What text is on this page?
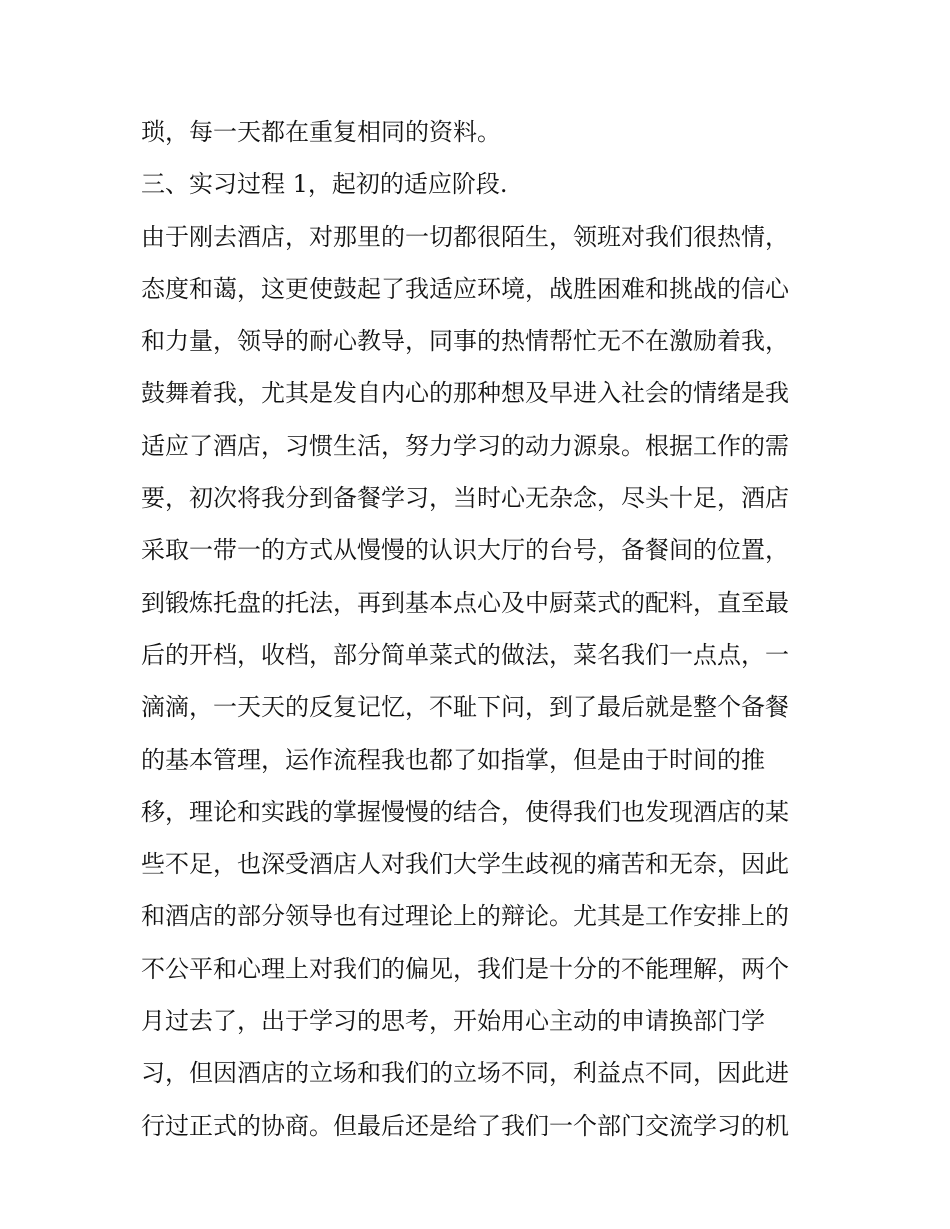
琐，每一天都在重复相同的资料。
三、实习过程 1，起初的适应阶段.
由于刚去酒店，对那里的一切都很陌生，领班对我们很热情，
态度和蔼，这更使鼓起了我适应环境，战胜困难和挑战的信心
和力量，领导的耐心教导，同事的热情帮忙无不在激励着我，
鼓舞着我，尤其是发自内心的那种想及早进入社会的情绪是我
适应了酒店，习惯生活，努力学习的动力源泉。根据工作的需
要，初次将我分到备餐学习，当时心无杂念，尽头十足，酒店
采取一带一的方式从慢慢的认识大厅的台号，备餐间的位置，
到锻炼托盘的托法，再到基本点心及中厨菜式的配料，直至最
后的开档，收档，部分简单菜式的做法，菜名我们一点点，一
滴滴，一天天的反复记忆，不耻下问，到了最后就是整个备餐
的基本管理，运作流程我也都了如指掌，但是由于时间的推
移，理论和实践的掌握慢慢的结合，使得我们也发现酒店的某
些不足，也深受酒店人对我们大学生歧视的痛苦和无奈，因此
和酒店的部分领导也有过理论上的辩论。尤其是工作安排上的
不公平和心理上对我们的偏见，我们是十分的不能理解，两个
月过去了，出于学习的思考，开始用心主动的申请换部门学
习，但因酒店的立场和我们的立场不同，利益点不同，因此进
行过正式的协商。但最后还是给了我们一个部门交流学习的机
